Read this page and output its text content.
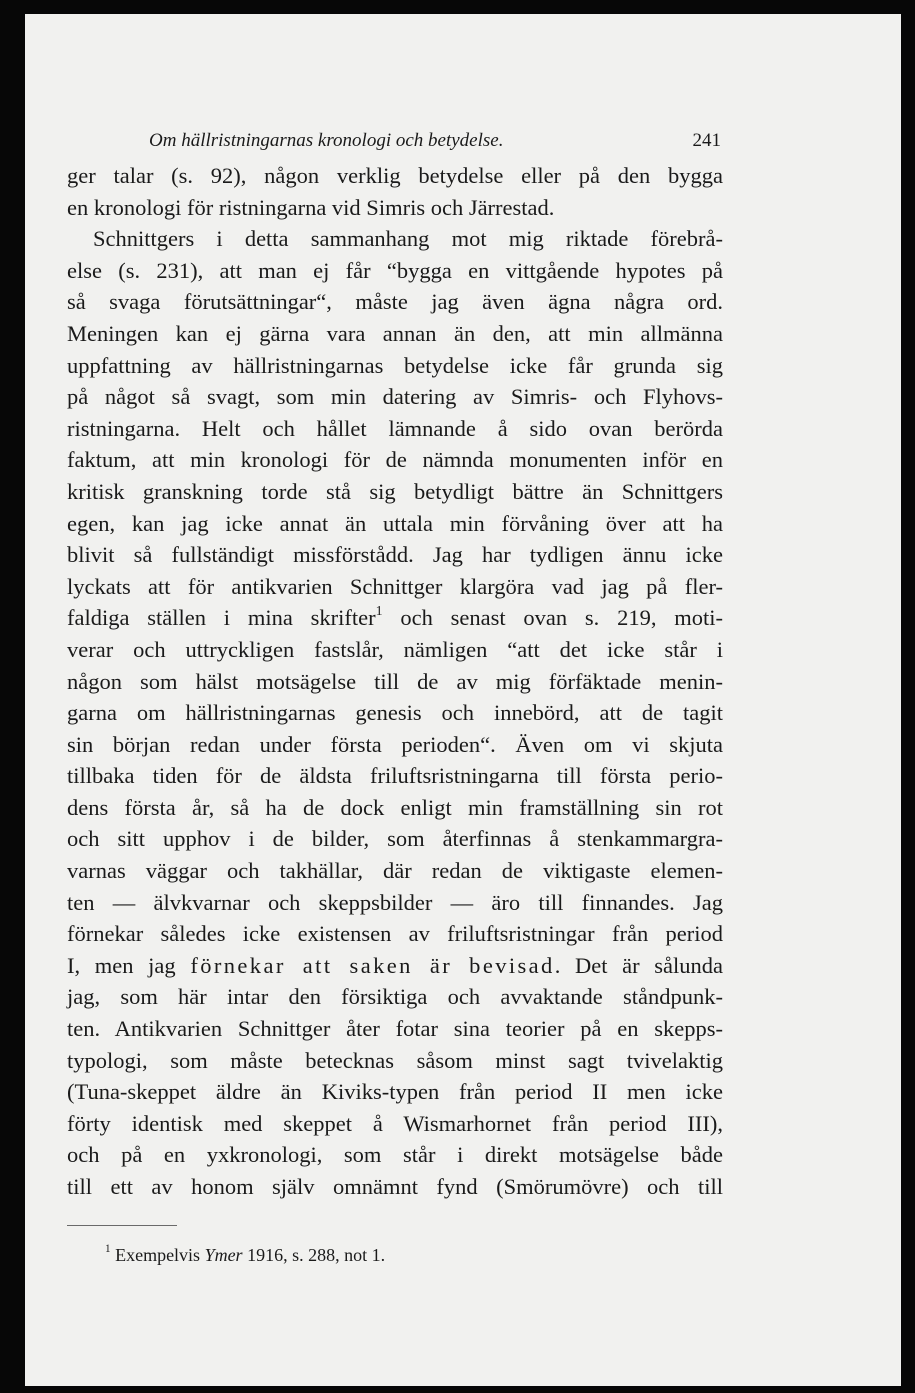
Om hällristningarnas kronologi och betydelse.	241
ger talar (s. 92), någon verklig betydelse eller på den bygga
en kronologi för ristningarna vid Simris och Järrestad.
Schnittgers i detta sammanhang mot mig riktade förebrå-
else (s. 231), att man ej får “bygga en vittgående hypotes på
så svaga förutsättningar“, måste jag även ägna några ord.
Meningen kan ej gärna vara annan än den, att min allmänna
uppfattning av hällristningarnas betydelse icke får grunda sig
på något så svagt, som min datering av Simris- och Flyhovs-
ristningarna. Helt och hållet lämnande å sido ovan berörda
faktum, att min kronologi för de nämnda monumenten inför en
kritisk granskning torde stå sig betydligt bättre än Schnittgers
egen, kan jag icke annat än uttala min förvåning över att ha
blivit så fullständigt missförstådd. Jag har tydligen ännu icke
lyckats att för antikvarien Schnittger klargöra vad jag på fler-
faldiga ställen i mina skrifter$^1$ och senast ovan s. 219, moti-
verar och uttryckligen fastslår, nämligen “att det icke står i
någon som hälst motsägelse till de av mig förfäktade menin-
garna om hällristningarnas genesis och innebörd, att de tagit
sin början redan under första perioden“. Även om vi skjuta
tillbaka tiden för de äldsta friluftsristningarna till första perio-
dens första år, så ha de dock enligt min framställning sin rot
och sitt upphov i de bilder, som återfinnas å stenkammargra-
varnas väggar och takhällar, där redan de viktigaste elemen-
ten — älvkvarnar och skeppsbilder — äro till finnandes. Jag
förnekar således icke existensen av friluftsristningar från period
I, men jag förnekar att saken är bevisad. Det är sålunda
jag, som här intar den försiktiga och avvaktande ståndpunk-
ten. Antikvarien Schnittger åter fotar sina teorier på en skepps-
typologi, som måste betecknas såsom minst sagt tvivelaktig
(Tuna-skeppet äldre än Kiviks-typen från period II men icke
förty identisk med skeppet å Wismarhornet från period III),
och på en yxkronologi, som står i direkt motsägelse både
till ett av honom själv omnämnt fynd (Smörumövre) och till
$^1$ Exempelvis Ymer 1916, s. 288, not 1.
